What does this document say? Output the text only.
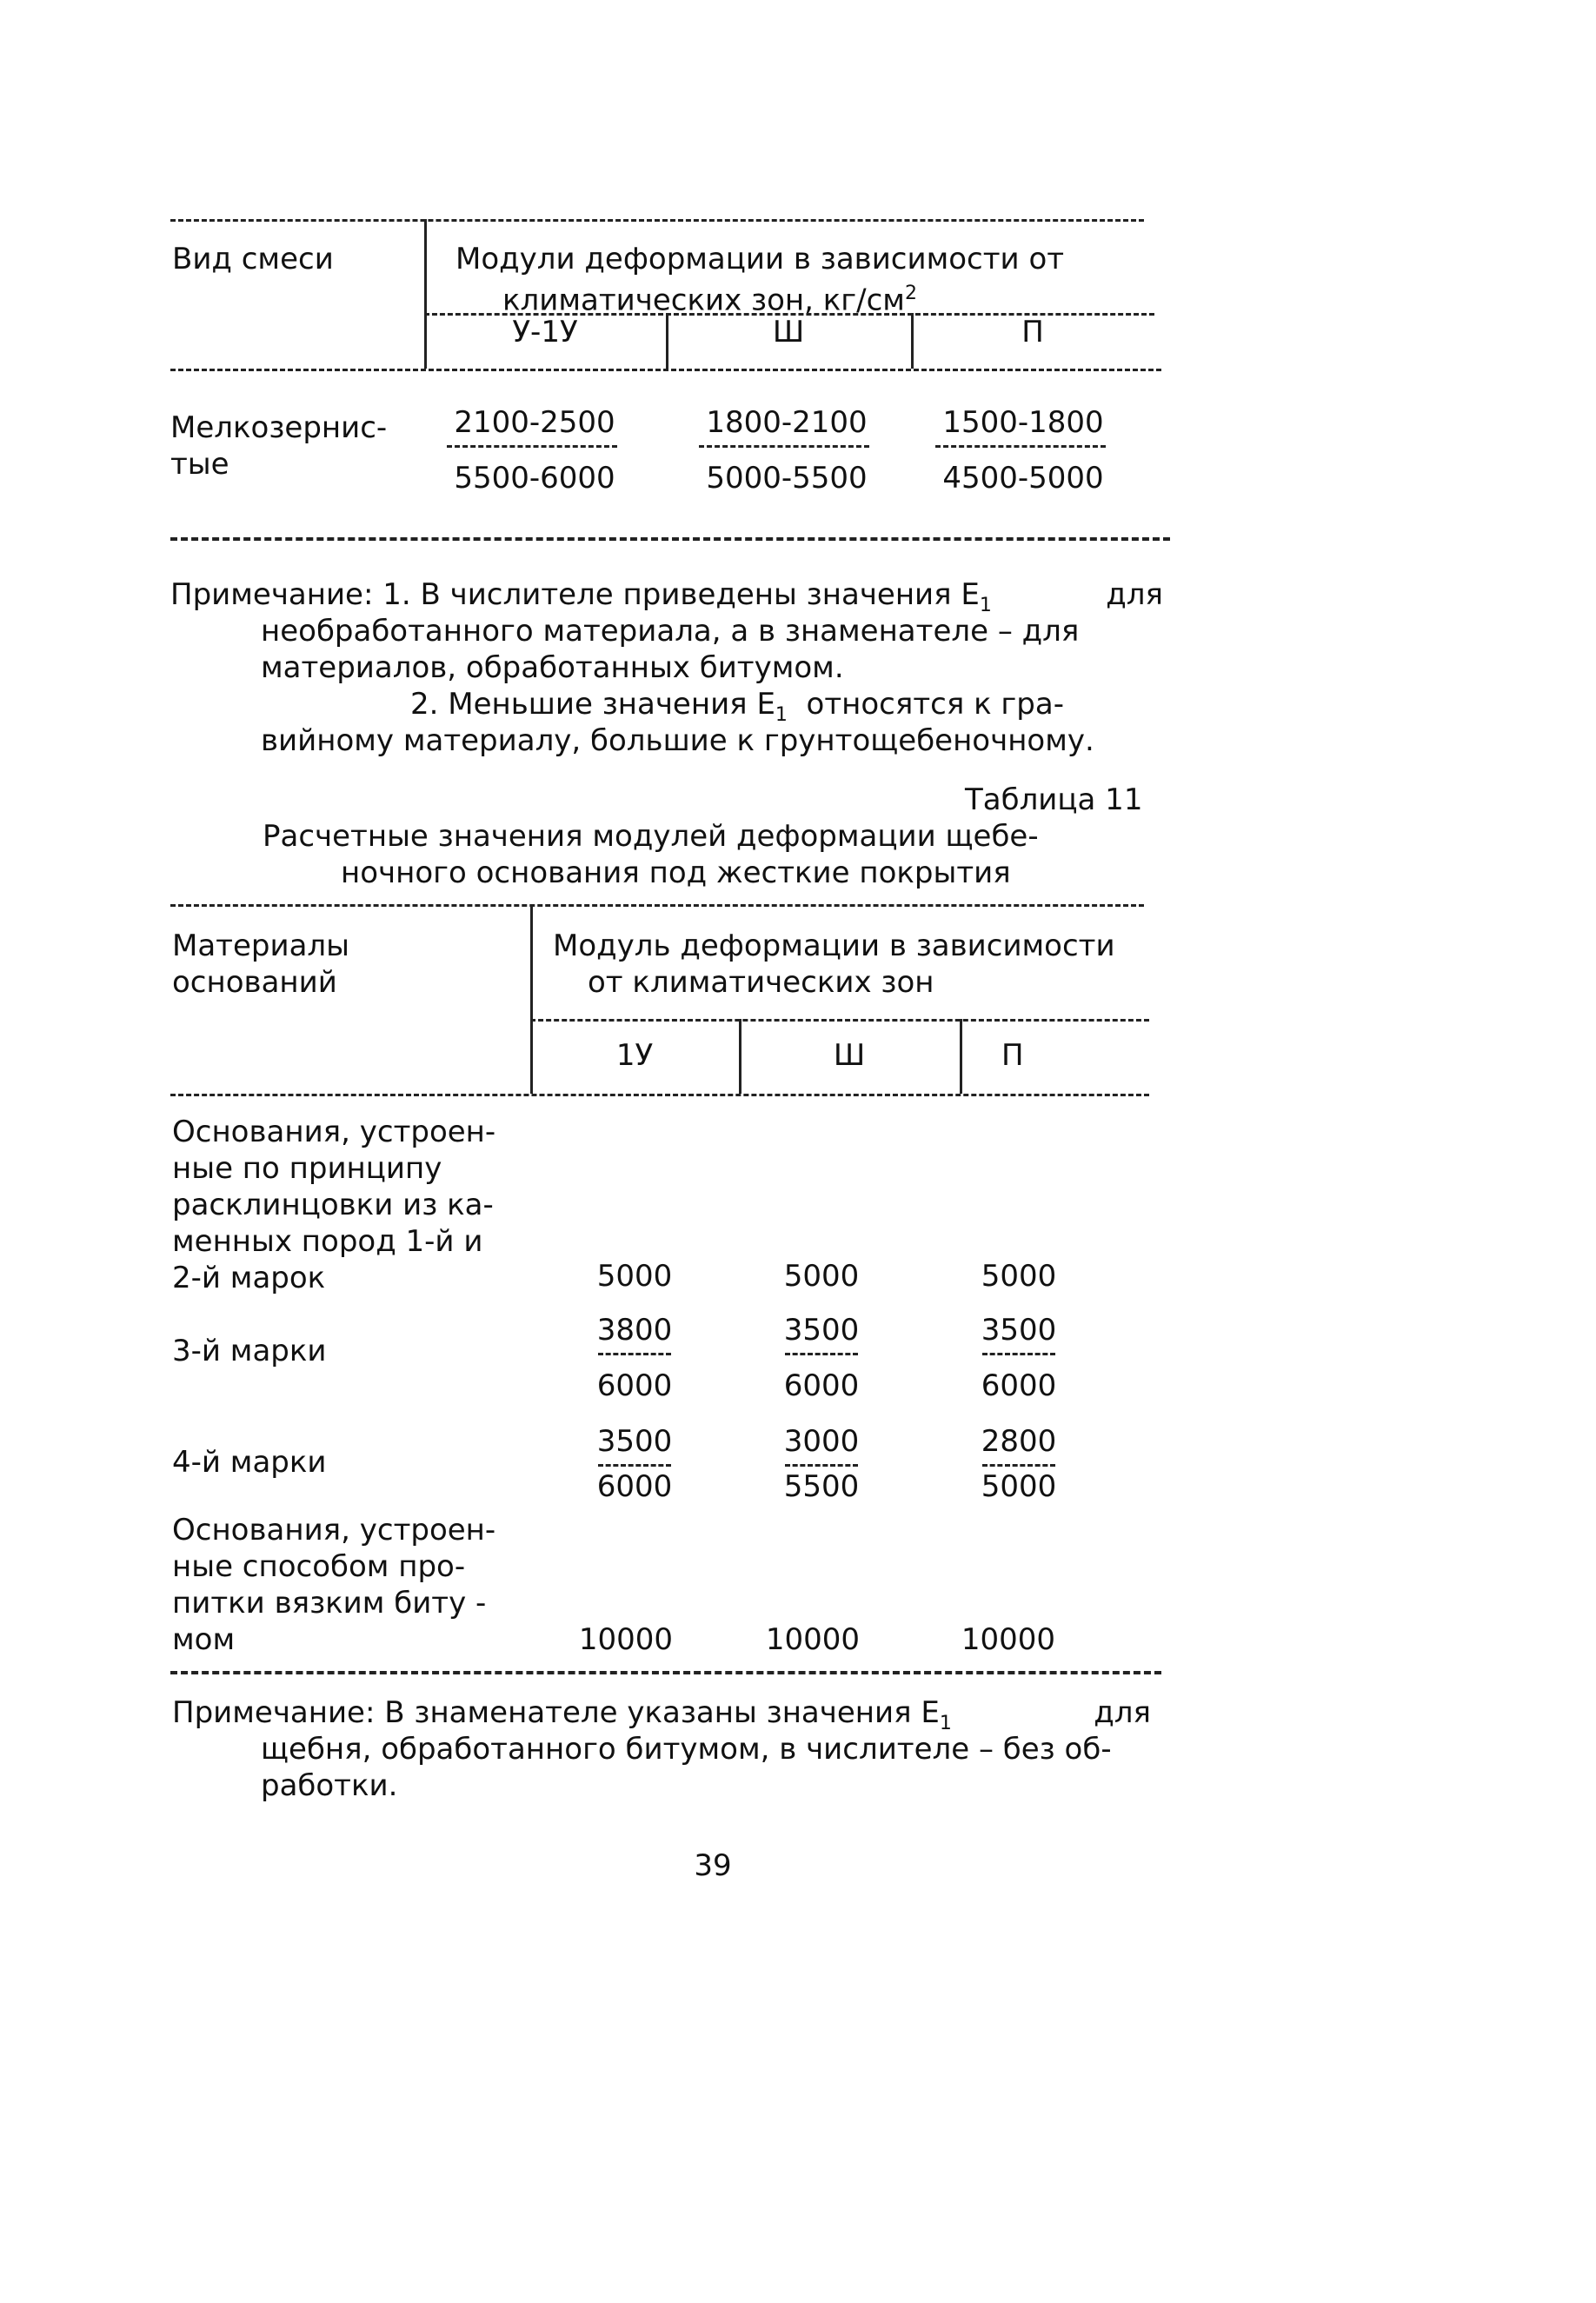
Вид смеси	Модули деформации в зависимости от
климатических зон, $кг/см^2$
У-1У	Ш	П
Мелкозернис-
тые
2100-2500	1800-2100	1500-1800
5500-6000	5000-5500	4500-5000
Примечание: 1. В числителе приведены значения $E_1$	для
необработанного материала, а в знаменателе – для
материалов, обработанных битумом.
2. Меньшие значения $E_1$ относятся к гра-
вийному материалу, большие к грунтощебеночному.
Таблица 11
Расчетные значения модулей деформации щебе-
ночного основания под жесткие покрытия
Материалы
оснований
Модуль деформации в зависимости
от климатических зон
1У	Ш	П
Основания, устроен-
ные по принципу
расклинцовки из ка-
менных пород 1-й и
2-й марок	5000	5000	5000
3-й марки
3800	3500	3500
6000	6000	6000
4-й марки
3500	3000	2800
6000	5500	5000
Основания, устроен-
ные способом про-
питки вязким биту -
мом	10000	10000	10000
Примечание: В знаменателе указаны значения $E_1$	для
щебня, обработанного битумом, в числителе – без об-
работки.
39
